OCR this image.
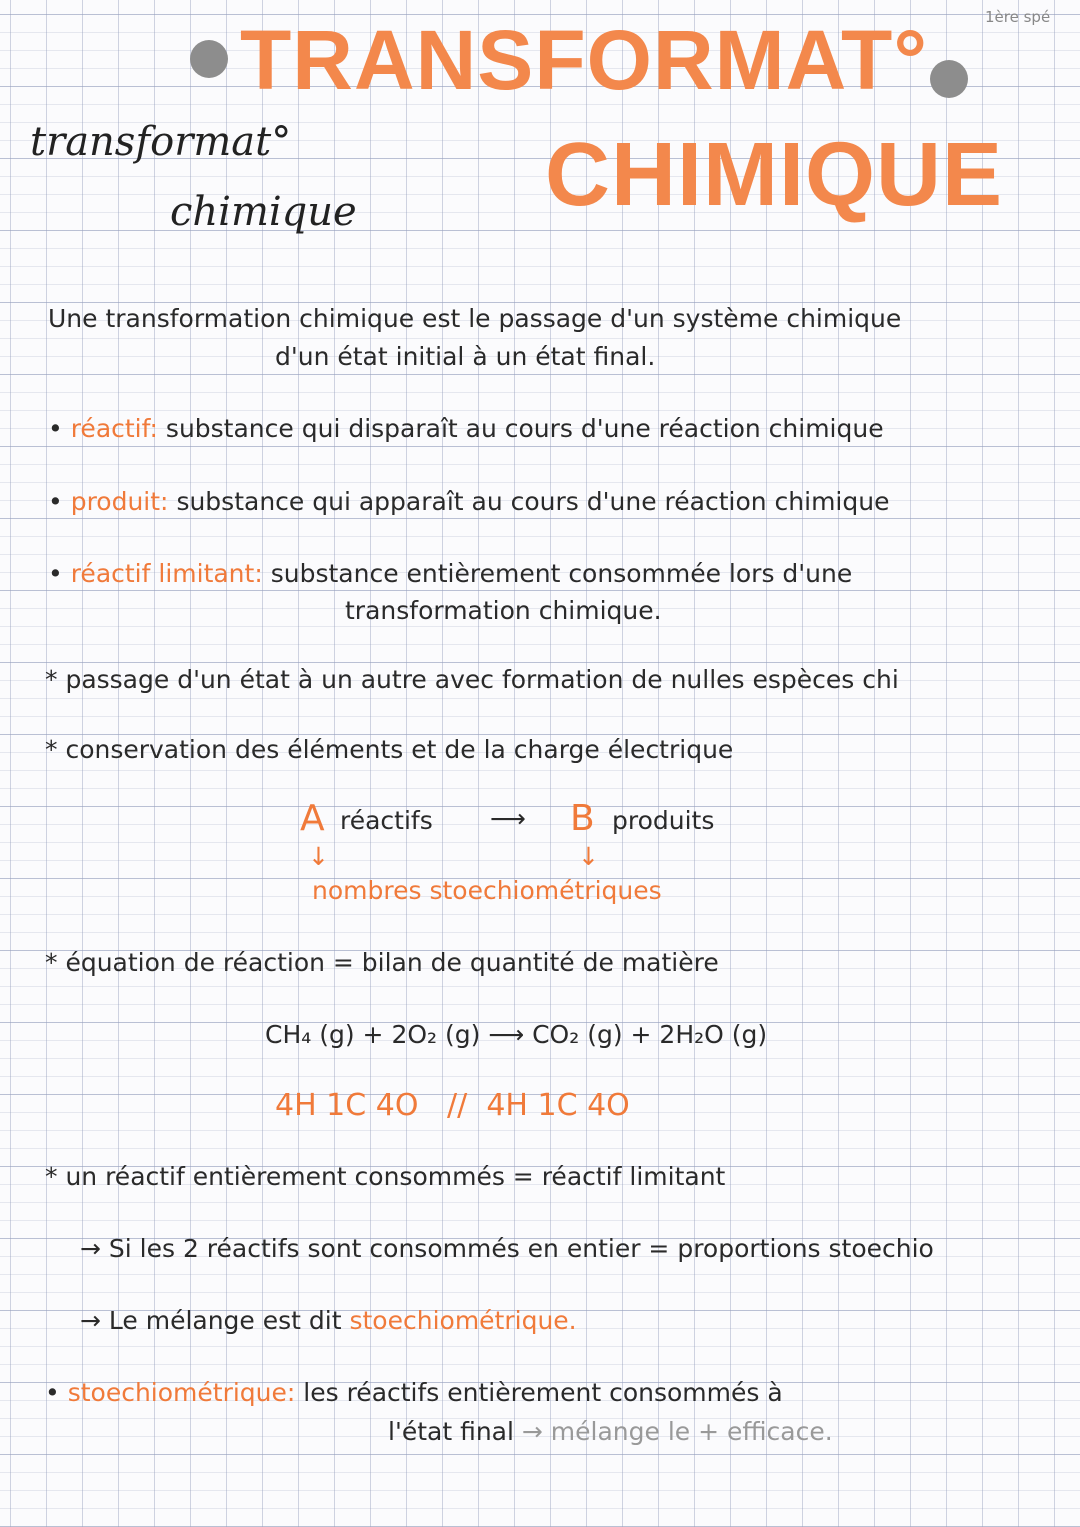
1ère spé
TRANSFORMAT°
transformat°	CHIMIQUE
chimique
Une transformation chimique est le passage d'un système chimique
d'un état initial à un état final.
• réactif: substance qui disparaît au cours d'une réaction chimique
• produit: substance qui apparaît au cours d'une réaction chimique
• réactif limitant: substance entièrement consommée lors d'une
transformation chimique.
* passage d'un état à un autre avec formation de nulles espèces chi
* conservation des éléments et de la charge électrique
A réactifs ⟶ B produits
↓	↓
nombres stoechiométriques
* équation de réaction = bilan de quantité de matière
CH₄ (g) + 2O₂ (g) ⟶ CO₂ (g) + 2H₂O (g)
4H 1C 4O   //  4H 1C 4O
* un réactif entièrement consommés = réactif limitant
→ Si les 2 réactifs sont consommés en entier = proportions stoechio
→ Le mélange est dit stoechiométrique.
• stoechiométrique: les réactifs entièrement consommés à
l'état final → mélange le + efficace.
